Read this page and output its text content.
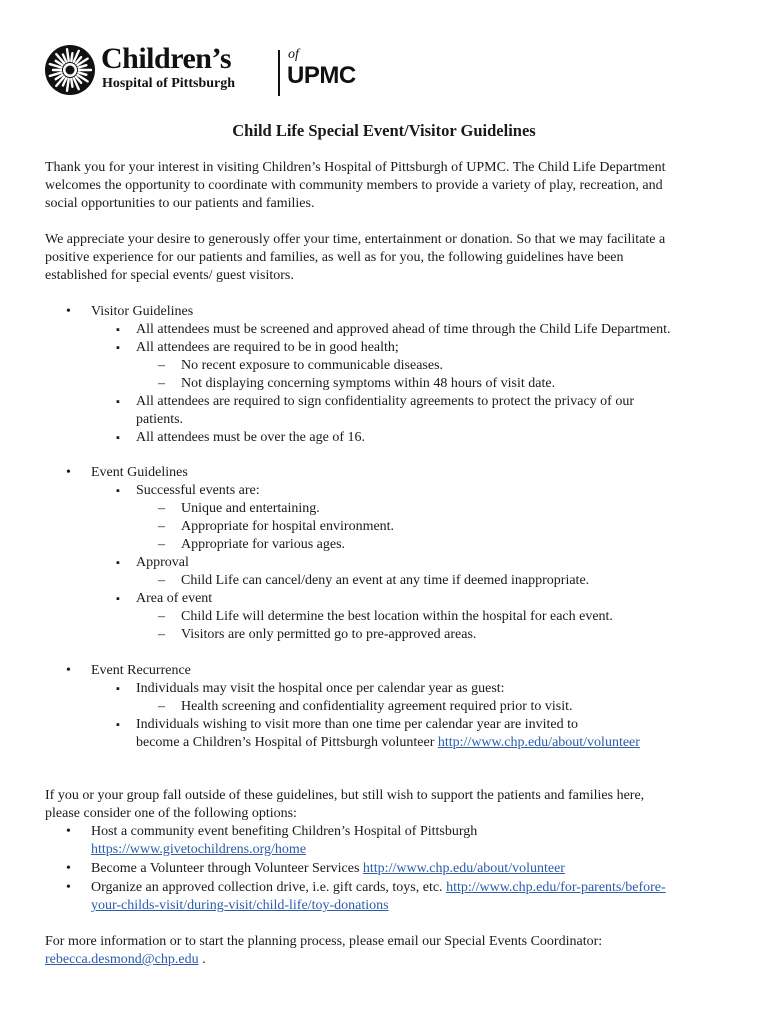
Children’s
Hospital of Pittsburgh
of
UPMC
Child Life Special Event/Visitor Guidelines
Thank you for your interest in visiting Children’s Hospital of Pittsburgh of UPMC. The Child Life Department
welcomes the opportunity to coordinate with community members to provide a variety of play, recreation, and
social opportunities to our patients and families.
We appreciate your desire to generously offer your time, entertainment or donation. So that we may facilitate a
positive experience for our patients and families, as well as for you, the following guidelines have been
established for special events/ guest visitors.
• Visitor Guidelines
▪ All attendees must be screened and approved ahead of time through the Child Life Department.
▪ All attendees are required to be in good health;
– No recent exposure to communicable diseases.
– Not displaying concerning symptoms within 48 hours of visit date.
▪ All attendees are required to sign confidentiality agreements to protect the privacy of our
patients.
▪ All attendees must be over the age of 16.
• Event Guidelines
▪ Successful events are:
– Unique and entertaining.
– Appropriate for hospital environment.
– Appropriate for various ages.
▪ Approval
– Child Life can cancel/deny an event at any time if deemed inappropriate.
▪ Area of event
– Child Life will determine the best location within the hospital for each event.
– Visitors are only permitted go to pre-approved areas.
• Event Recurrence
▪ Individuals may visit the hospital once per calendar year as guest:
– Health screening and confidentiality agreement required prior to visit.
▪ Individuals wishing to visit more than one time per calendar year are invited to
become a Children’s Hospital of Pittsburgh volunteer http://www.chp.edu/about/volunteer
If you or your group fall outside of these guidelines, but still wish to support the patients and families here,
please consider one of the following options:
• Host a community event benefiting Children’s Hospital of Pittsburgh
https://www.givetochildrens.org/home
• Become a Volunteer through Volunteer Services http://www.chp.edu/about/volunteer
• Organize an approved collection drive, i.e. gift cards, toys, etc. http://www.chp.edu/for-parents/before-
your-childs-visit/during-visit/child-life/toy-donations
For more information or to start the planning process, please email our Special Events Coordinator:
rebecca.desmond@chp.edu .
